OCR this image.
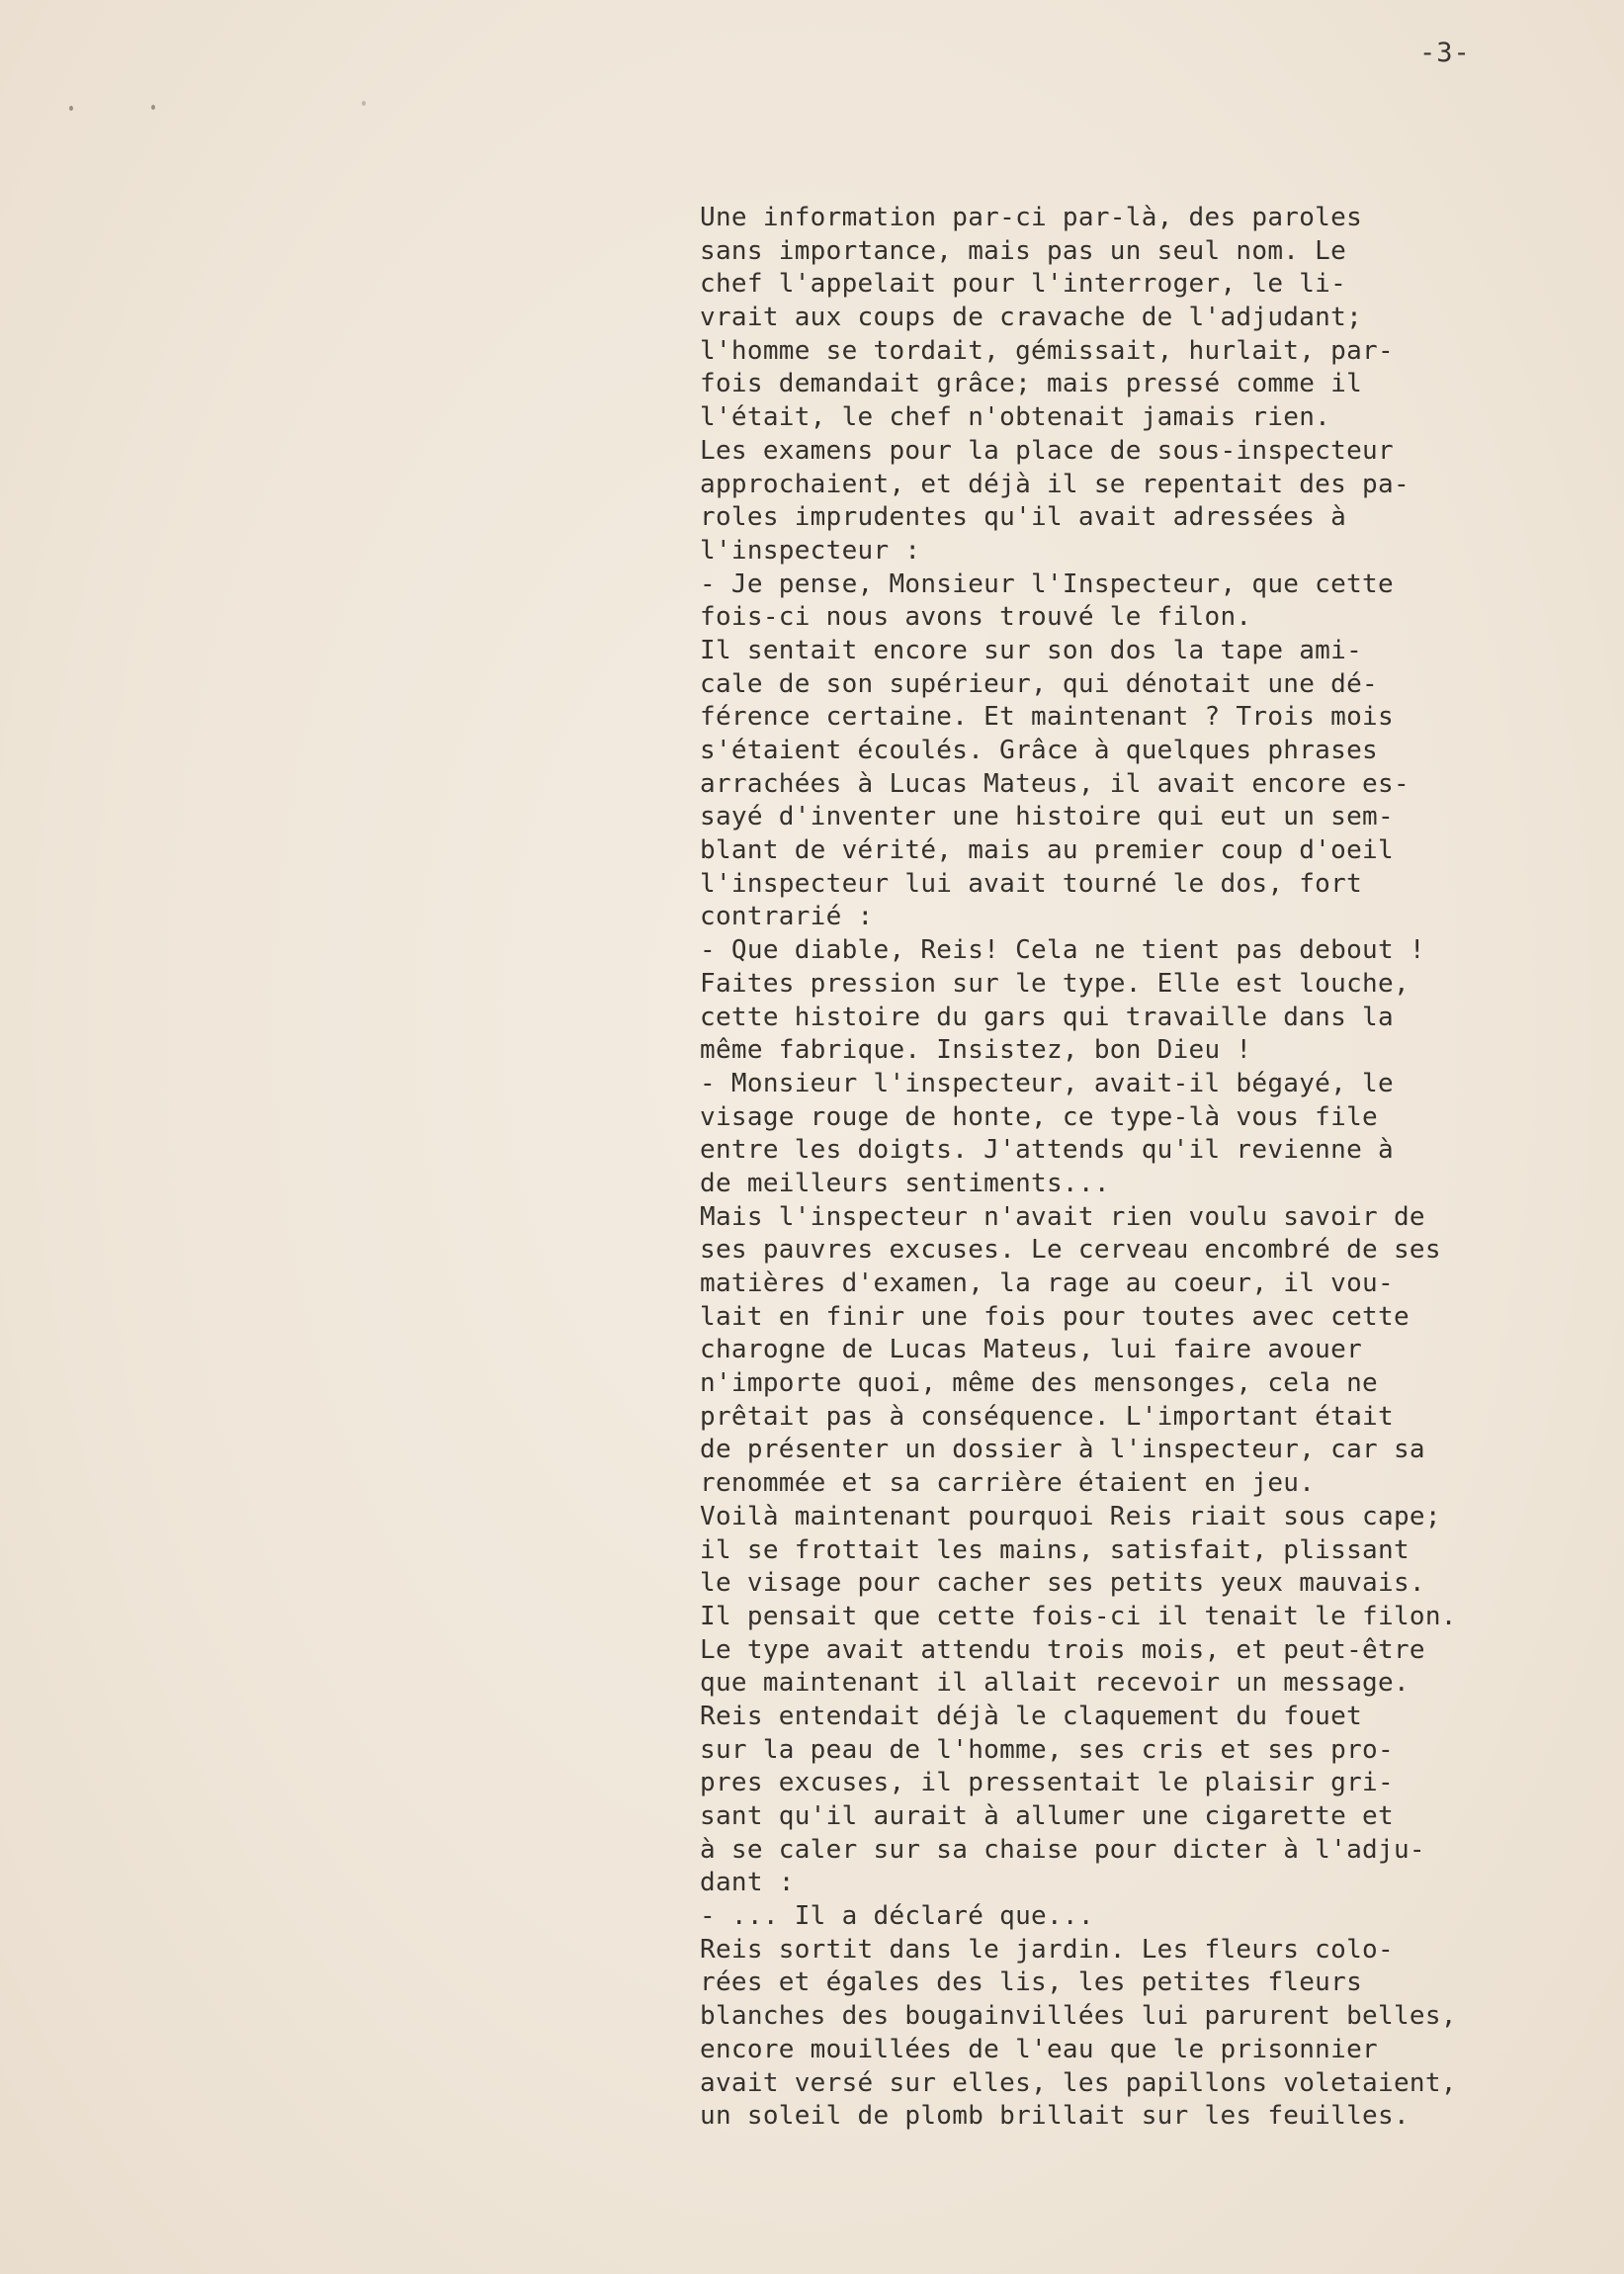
-3-
Une information par-ci par-là, des paroles
sans importance, mais pas un seul nom. Le
chef l'appelait pour l'interroger, le li-
vrait aux coups de cravache de l'adjudant;
l'homme se tordait, gémissait, hurlait, par-
fois demandait grâce; mais pressé comme il
l'était, le chef n'obtenait jamais rien.
Les examens pour la place de sous-inspecteur
approchaient, et déjà il se repentait des pa-
roles imprudentes qu'il avait adressées à
l'inspecteur :
- Je pense, Monsieur l'Inspecteur, que cette
fois-ci nous avons trouvé le filon.
Il sentait encore sur son dos la tape ami-
cale de son supérieur, qui dénotait une dé-
férence certaine. Et maintenant ? Trois mois
s'étaient écoulés. Grâce à quelques phrases
arrachées à Lucas Mateus, il avait encore es-
sayé d'inventer une histoire qui eut un sem-
blant de vérité, mais au premier coup d'oeil
l'inspecteur lui avait tourné le dos, fort
contrarié :
- Que diable, Reis! Cela ne tient pas debout !
Faites pression sur le type. Elle est louche,
cette histoire du gars qui travaille dans la
même fabrique. Insistez, bon Dieu !
- Monsieur l'inspecteur, avait-il bégayé, le
visage rouge de honte, ce type-là vous file
entre les doigts. J'attends qu'il revienne à
de meilleurs sentiments...
Mais l'inspecteur n'avait rien voulu savoir de
ses pauvres excuses. Le cerveau encombré de ses
matières d'examen, la rage au coeur, il vou-
lait en finir une fois pour toutes avec cette
charogne de Lucas Mateus, lui faire avouer
n'importe quoi, même des mensonges, cela ne
prêtait pas à conséquence. L'important était
de présenter un dossier à l'inspecteur, car sa
renommée et sa carrière étaient en jeu.
Voilà maintenant pourquoi Reis riait sous cape;
il se frottait les mains, satisfait, plissant
le visage pour cacher ses petits yeux mauvais.
Il pensait que cette fois-ci il tenait le filon.
Le type avait attendu trois mois, et peut-être
que maintenant il allait recevoir un message.
Reis entendait déjà le claquement du fouet
sur la peau de l'homme, ses cris et ses pro-
pres excuses, il pressentait le plaisir gri-
sant qu'il aurait à allumer une cigarette et
à se caler sur sa chaise pour dicter à l'adju-
dant :
- ... Il a déclaré que...
Reis sortit dans le jardin. Les fleurs colo-
rées et égales des lis, les petites fleurs
blanches des bougainvillées lui parurent belles,
encore mouillées de l'eau que le prisonnier
avait versé sur elles, les papillons voletaient,
un soleil de plomb brillait sur les feuilles.
